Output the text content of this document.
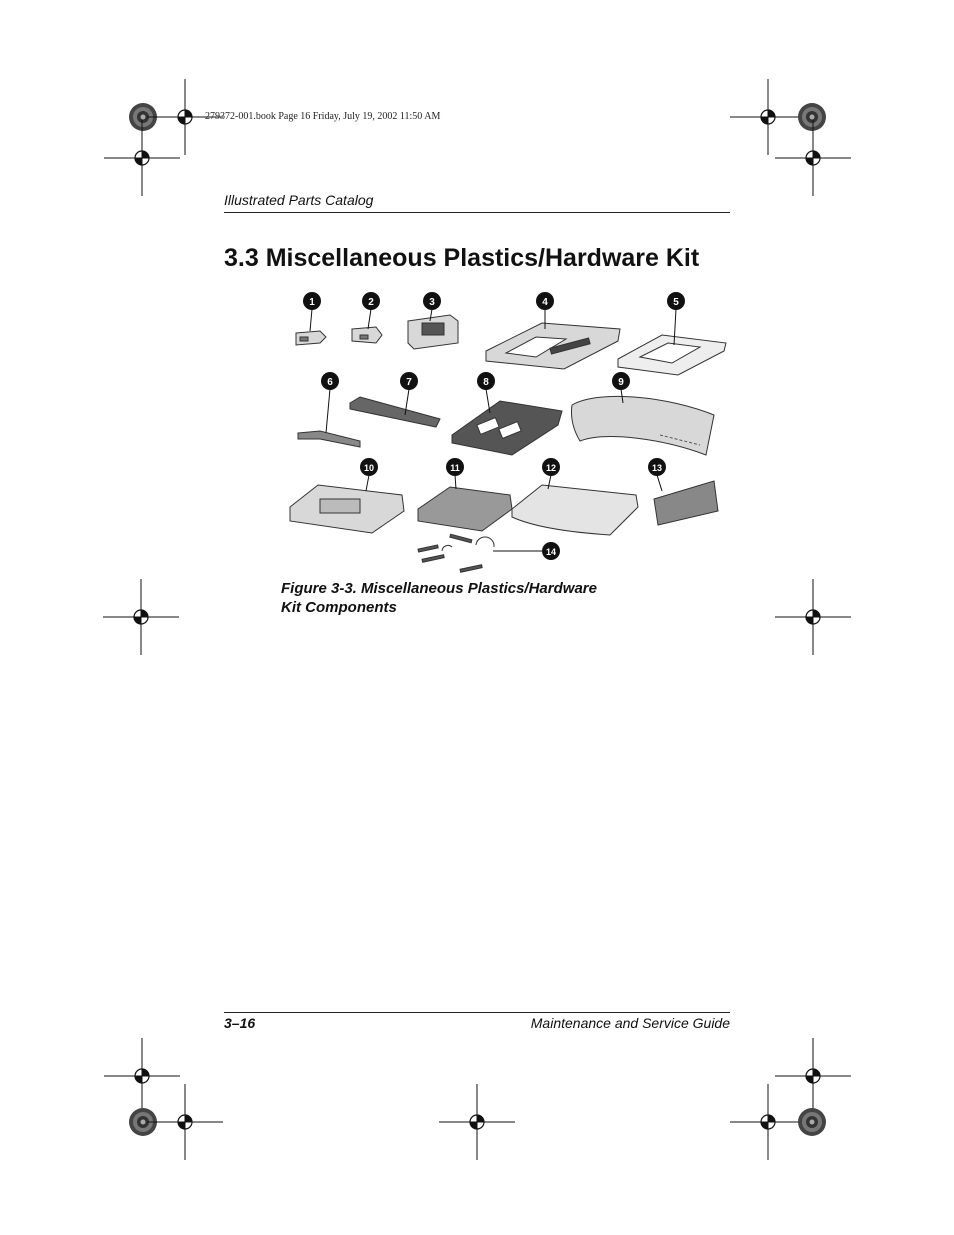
279372-001.book Page 16 Friday, July 19, 2002 11:50 AM
Illustrated Parts Catalog
3.3 Miscellaneous Plastics/Hardware Kit
1	2	3	4	5
6	7	8	9
10	11	12	13
14
Figure 3-3. Miscellaneous Plastics/Hardware
Kit Components
3–16	Maintenance and Service Guide
